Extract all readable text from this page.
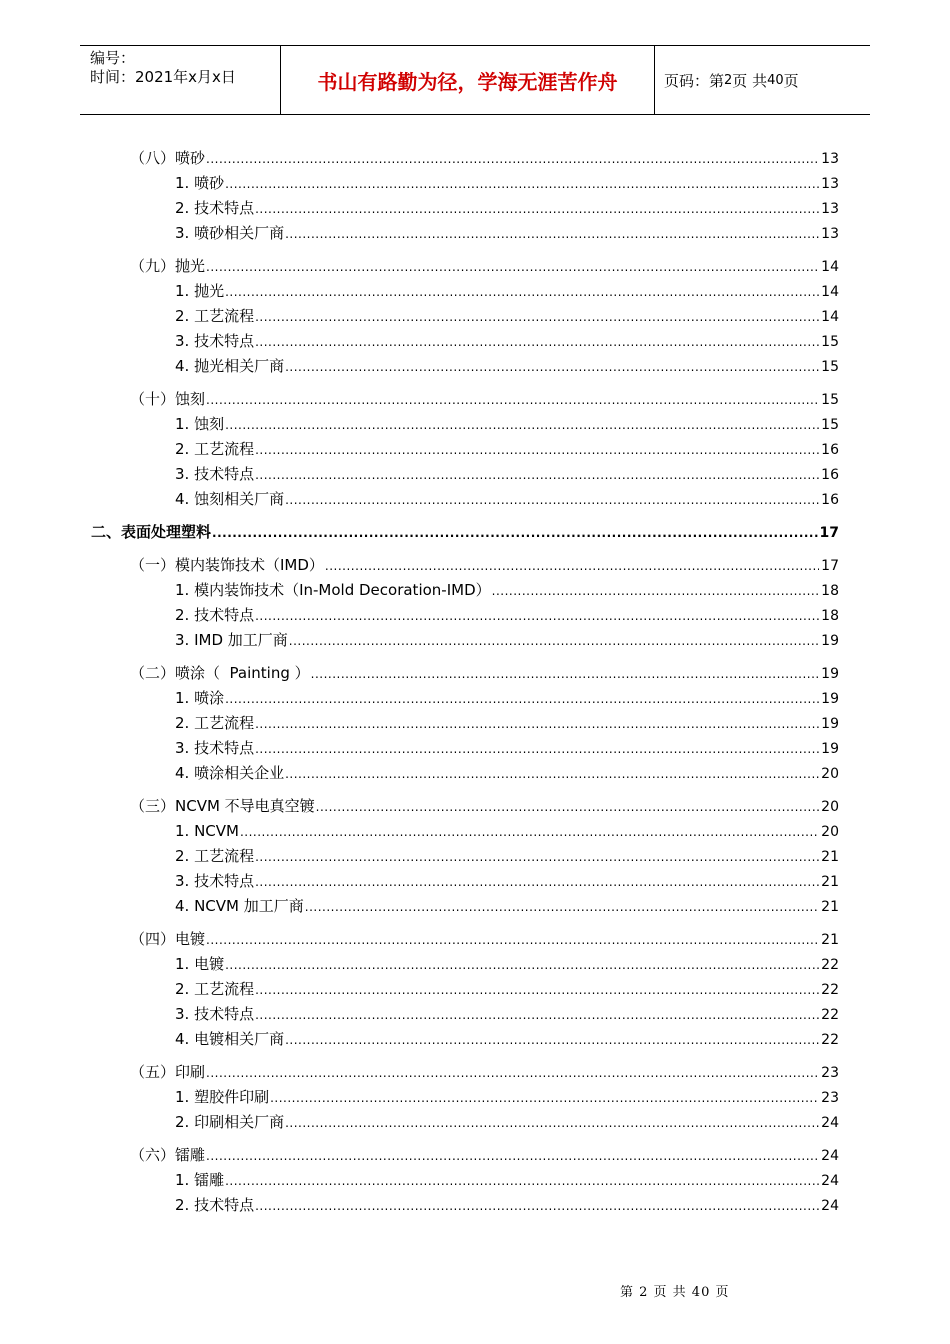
编号：
时间：2021年x月x日	书山有路勤为径，学海无涯苦作舟	页码：第 2 页 共 40 页
（八）喷砂 .....	13
1. 喷砂 .....	13
2. 技术特点 .....	13
3. 喷砂相关厂商 .....	13
（九）抛光 .....	14
1. 抛光 .....	14
2. 工艺流程 .....	14
3. 技术特点 .....	15
4. 抛光相关厂商 .....	15
（十）蚀刻 .....	15
1. 蚀刻 .....	15
2. 工艺流程 .....	16
3. 技术特点 .....	16
4. 蚀刻相关厂商 .....	16
二、表面处理塑料 .....	17
（一）模内装饰技术（IMD） .....	17
1. 模内装饰技术（In-Mold Decoration-IMD） .....	18
2. 技术特点 .....	18
3. IMD 加工厂商 .....	19
（二）喷涂（  Painting ） .....	19
1. 喷涂 .....	19
2. 工艺流程 .....	19
3. 技术特点 .....	19
4. 喷涂相关企业 .....	20
（三）NCVM 不导电真空镀 .....	20
1. NCVM .....	20
2. 工艺流程 .....	21
3. 技术特点 .....	21
4. NCVM 加工厂商 .....	21
（四）电镀 .....	21
1. 电镀 .....	22
2. 工艺流程 .....	22
3. 技术特点 .....	22
4. 电镀相关厂商 .....	22
（五）印刷 .....	23
1. 塑胶件印刷 .....	23
2. 印刷相关厂商 .....	24
（六）镭雕 .....	24
1. 镭雕 .....	24
2. 技术特点 .....	24
第 2 页 共 40 页
